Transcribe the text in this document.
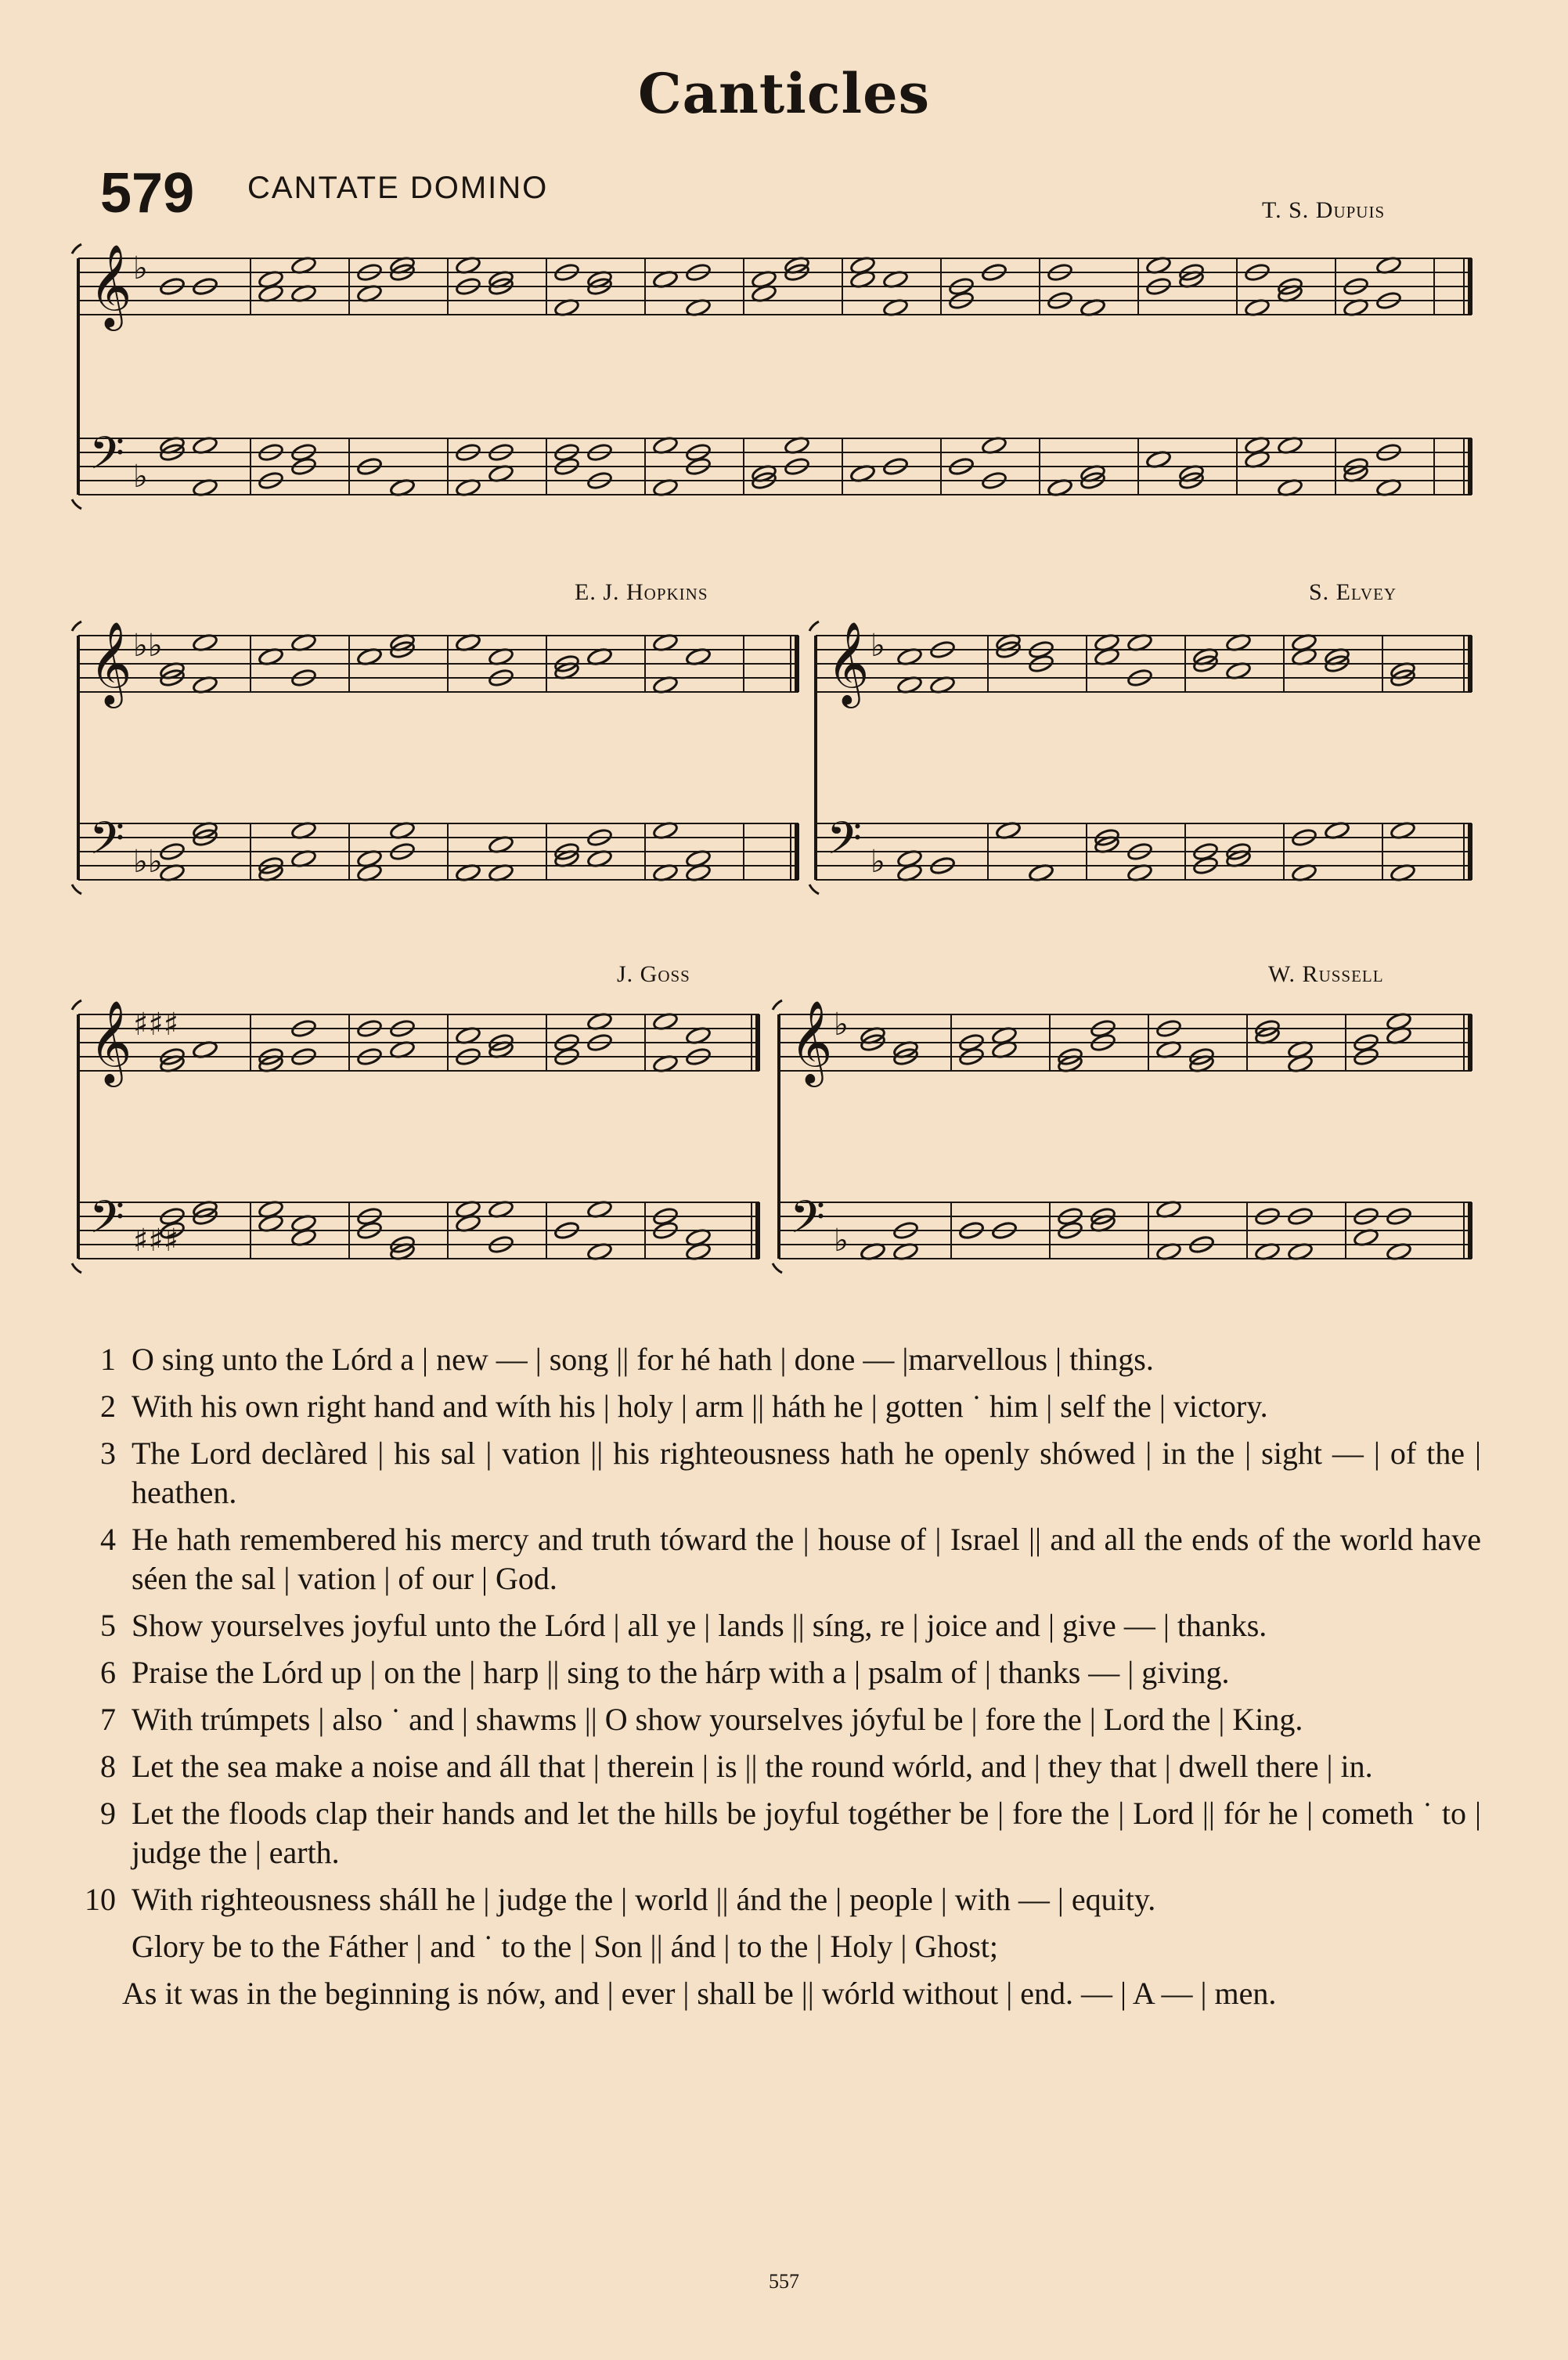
Canticles
579 CANTATE DOMINO
T. S. Dupuis
E. J. Hopkins	S. Elvey
J. Goss	W. Russell
𝄞
𝄢
♭
♭
𝄞
𝄢
♭♭
♭♭
𝄞
𝄢
♭
♭
𝄞
𝄢
♯♯♯
♯♯♯
𝄞
𝄢
♭
♭
1 O sing unto the Lórd a | new — | song || for hé hath | done — |marvellous | things.
2 With his own right hand and wíth his | holy | arm || háth he | gotten ˙ him | self the | victory.
3 The Lord declàred | his sal | vation || his righteousness hath he openly shówed | in the | sight — | of the | heathen.
4 He hath remembered his mercy and truth tóward the | house of | Israel || and all the ends of the world have séen the sal | vation | of our | God.
5 Show yourselves joyful unto the Lórd | all ye | lands || síng, re | joice and | give — | thanks.
6 Praise the Lórd up | on the | harp || sing to the hárp with a | psalm of | thanks — | giving.
7 With trúmpets | also ˙ and | shawms || O show yourselves jóyful be | fore the | Lord the | King.
8 Let the sea make a noise and áll that | therein | is || the round wórld, and | they that | dwell there | in.
9 Let the floods clap their hands and let the hills be joyful togéther be | fore the | Lord || fór he | cometh ˙ to | judge the | earth.
10 With righteousness sháll he | judge the | world || ánd the | people | with — | equity.
Glory be to the Fáther | and ˙ to the | Son || ánd | to the | Holy | Ghost;
As it was in the beginning is nów, and | ever | shall be || wórld without | end. — | A — | men.
557
